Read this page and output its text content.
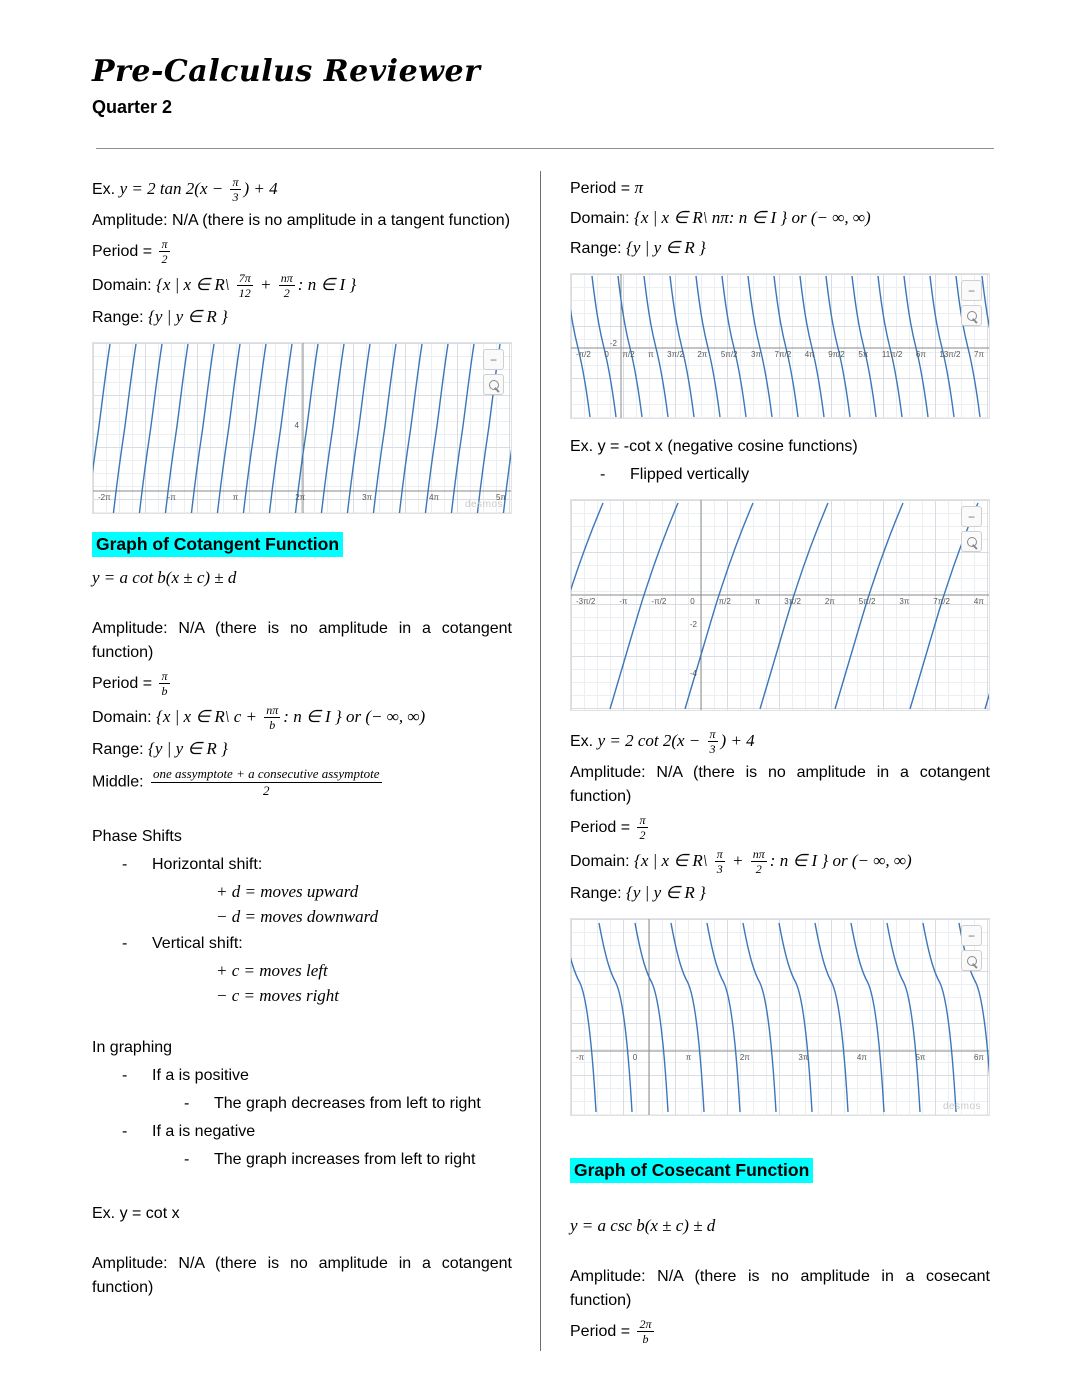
Pre-Calculus Reviewer
Quarter 2
Ex. y = 2 $\tan 2(x - \frac{\pi}{3}$ ) + 4
Amplitude: N/A (there is no amplitude in a tangent function)
Period = $\frac{\pi}{2}$
Domain: {x | x ∈ R\ $\frac{7\pi}{12} + \frac{n\pi}{2}$ : n ∈ I }
Range: {y | y ∈ R }
-2π	-π	π	2π	3π	4π	5π
4
−
desmos
Graph of Cotangent Function
y = a cot b(x ± c) ± d
Amplitude: N/A (there is no amplitude in a cotangent function)
Period = $\frac{\pi}{b}$
Domain: {x | x ∈ R\ $c + \frac{n\pi}{b}$ : n ∈ I } or (− ∞, ∞)
Range: {y | y ∈ R }
Middle: $\frac{\text{one assymptote + a consecutive assymptote}}{2}$
Phase Shifts
- Horizontal shift:
+ d = moves upward
− d = moves downward
- Vertical shift:
+ c = moves left
− c = moves right
In graphing
- If a is positive
- The graph decreases from left to right
- If a is negative
- The graph increases from left to right
Ex. y = cot x
Amplitude: N/A (there is no amplitude in a cotangent function)
Period = π
Domain: {x | x ∈ R\ nπ: n ∈ I } or (− ∞, ∞)
Range: {y | y ∈ R }
-π/2 0 π/2 π 3π/2 2π 5π/2 3π 7π/2 4π 9π/2 5π 11π/2 6π 13π/2 7π
-2
−
Ex. y = -cot x (negative cosine functions)
- Flipped vertically
-3π/2	-π	-π/2	0	π/2	π	3π/2	2π	5π/2	3π	7π/2	4π
-2
-4
−
Ex. y = 2 $\cot 2(x - \frac{\pi}{3}$ ) + 4
Amplitude: N/A (there is no amplitude in a cotangent function)
Period = $\frac{\pi}{2}$
Domain: {x | x ∈ R\ $\frac{\pi}{3} + \frac{n\pi}{2}$ : n ∈ I } or (− ∞, ∞)
Range: {y | y ∈ R }
-π	0	π	2π	3π	4π	5π	6π
−
desmos
Graph of Cosecant Function
y = a csc b(x ± c) ± d
Amplitude: N/A (there is no amplitude in a cosecant function)
Period = $\frac{2\pi}{b}$
